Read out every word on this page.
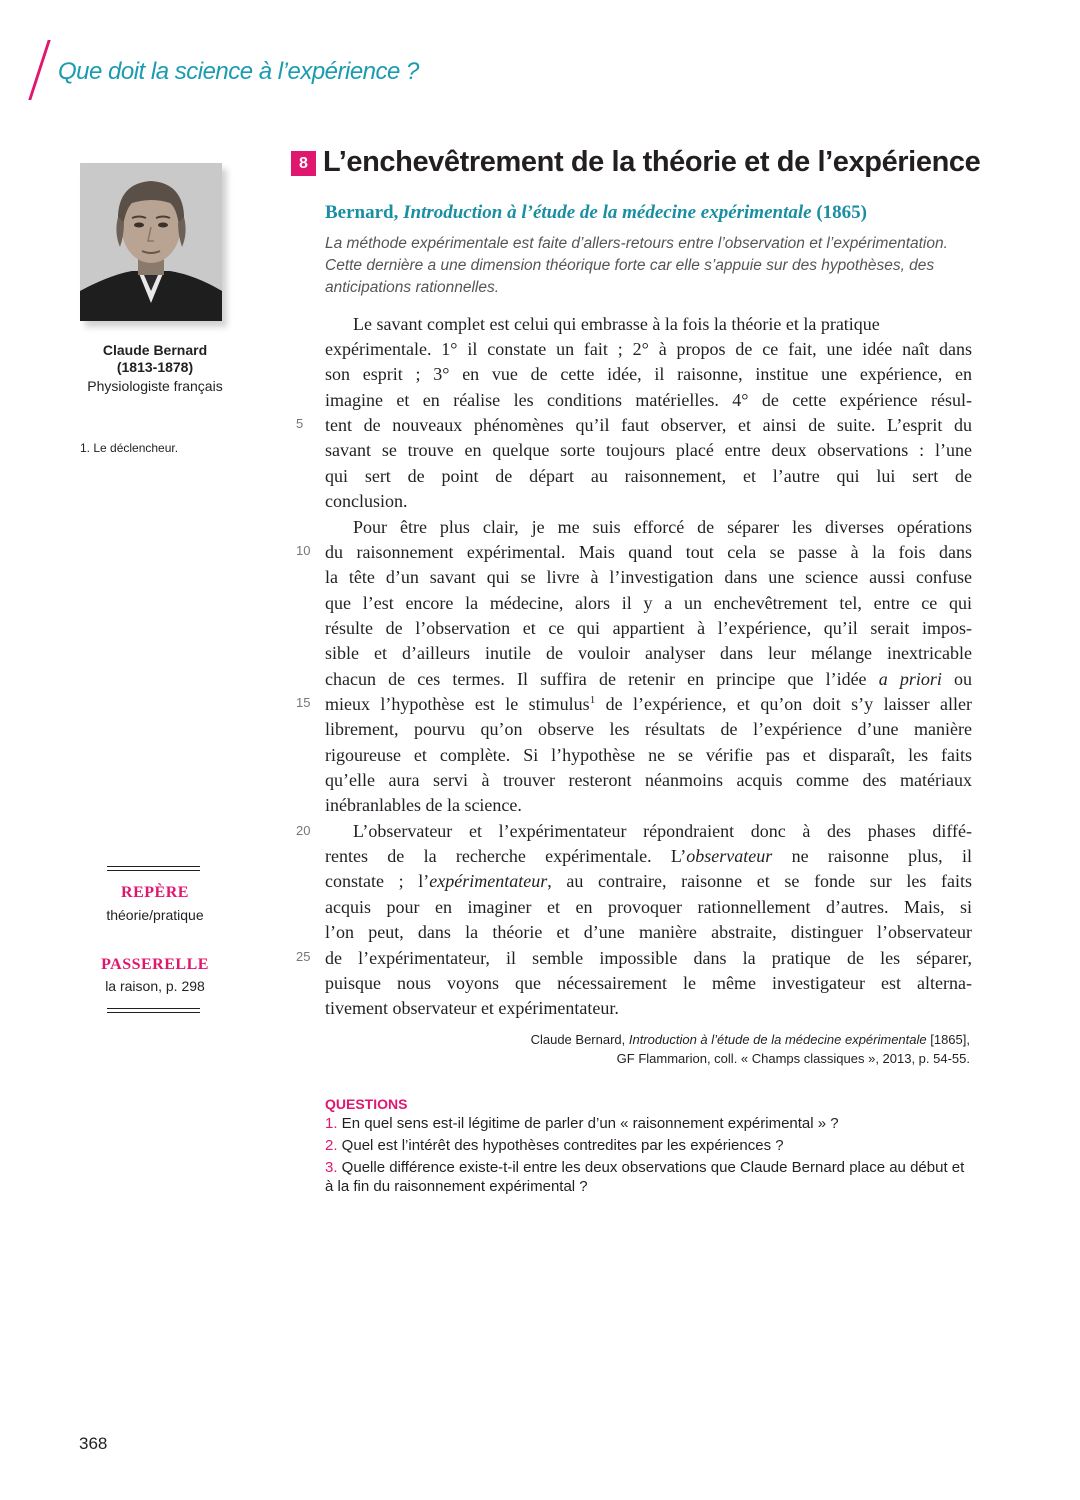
Que doit la science à l’expérience ?
Claude Bernard
(1813-1878)
Physiologiste français
1. Le déclencheur.
REPÈRE
théorie/pratique
PASSERELLE
la raison, p. 298
8 L’enchevêtrement de la théorie et de l’expérience
Bernard, Introduction à l’étude de la médecine expérimentale (1865)
La méthode expérimentale est faite d’allers-retours entre l’observation et l’expérimentation. Cette dernière a une dimension théorique forte car elle s’appuie sur des hypothèses, des anticipations rationnelles.
5
10
15
20
25
Le savant complet est celui qui embrasse à la fois la théorie et la pratique
expérimentale. 1° il constate un fait ; 2° à propos de ce fait, une idée naît dans
son esprit ; 3° en vue de cette idée, il raisonne, institue une expérience, en
imagine et en réalise les conditions matérielles. 4° de cette expérience résul-
tent de nouveaux phénomènes qu’il faut observer, et ainsi de suite. L’esprit du
savant se trouve en quelque sorte toujours placé entre deux observations : l’une
qui sert de point de départ au raisonnement, et l’autre qui lui sert de
conclusion.
Pour être plus clair, je me suis efforcé de séparer les diverses opérations
du raisonnement expérimental. Mais quand tout cela se passe à la fois dans
la tête d’un savant qui se livre à l’investigation dans une science aussi confuse
que l’est encore la médecine, alors il y a un enchevêtrement tel, entre ce qui
résulte de l’observation et ce qui appartient à l’expérience, qu’il serait impos-
sible et d’ailleurs inutile de vouloir analyser dans leur mélange inextricable
chacun de ces termes. Il suffira de retenir en principe que l’idée a priori ou
mieux l’hypothèse est le stimulus$^1$ de l’expérience, et qu’on doit s’y laisser aller
librement, pourvu qu’on observe les résultats de l’expérience d’une manière
rigoureuse et complète. Si l’hypothèse ne se vérifie pas et disparaît, les faits
qu’elle aura servi à trouver resteront néanmoins acquis comme des matériaux
inébranlables de la science.
L’observateur et l’expérimentateur répondraient donc à des phases diffé-
rentes de la recherche expérimentale. L’observateur ne raisonne plus, il
constate ; l’expérimentateur, au contraire, raisonne et se fonde sur les faits
acquis pour en imaginer et en provoquer rationnellement d’autres. Mais, si
l’on peut, dans la théorie et d’une manière abstraite, distinguer l’observateur
de l’expérimentateur, il semble impossible dans la pratique de les séparer,
puisque nous voyons que nécessairement le même investigateur est alterna-
tivement observateur et expérimentateur.
Claude Bernard, Introduction à l’étude de la médecine expérimentale [1865],
GF Flammarion, coll. « Champs classiques », 2013, p. 54-55.
QUESTIONS
1. En quel sens est-il légitime de parler d’un « raisonnement expérimental » ?
2. Quel est l’intérêt des hypothèses contredites par les expériences ?
3. Quelle différence existe-t-il entre les deux observations que Claude Bernard place au début et à la fin du raisonnement expérimental ?
368
